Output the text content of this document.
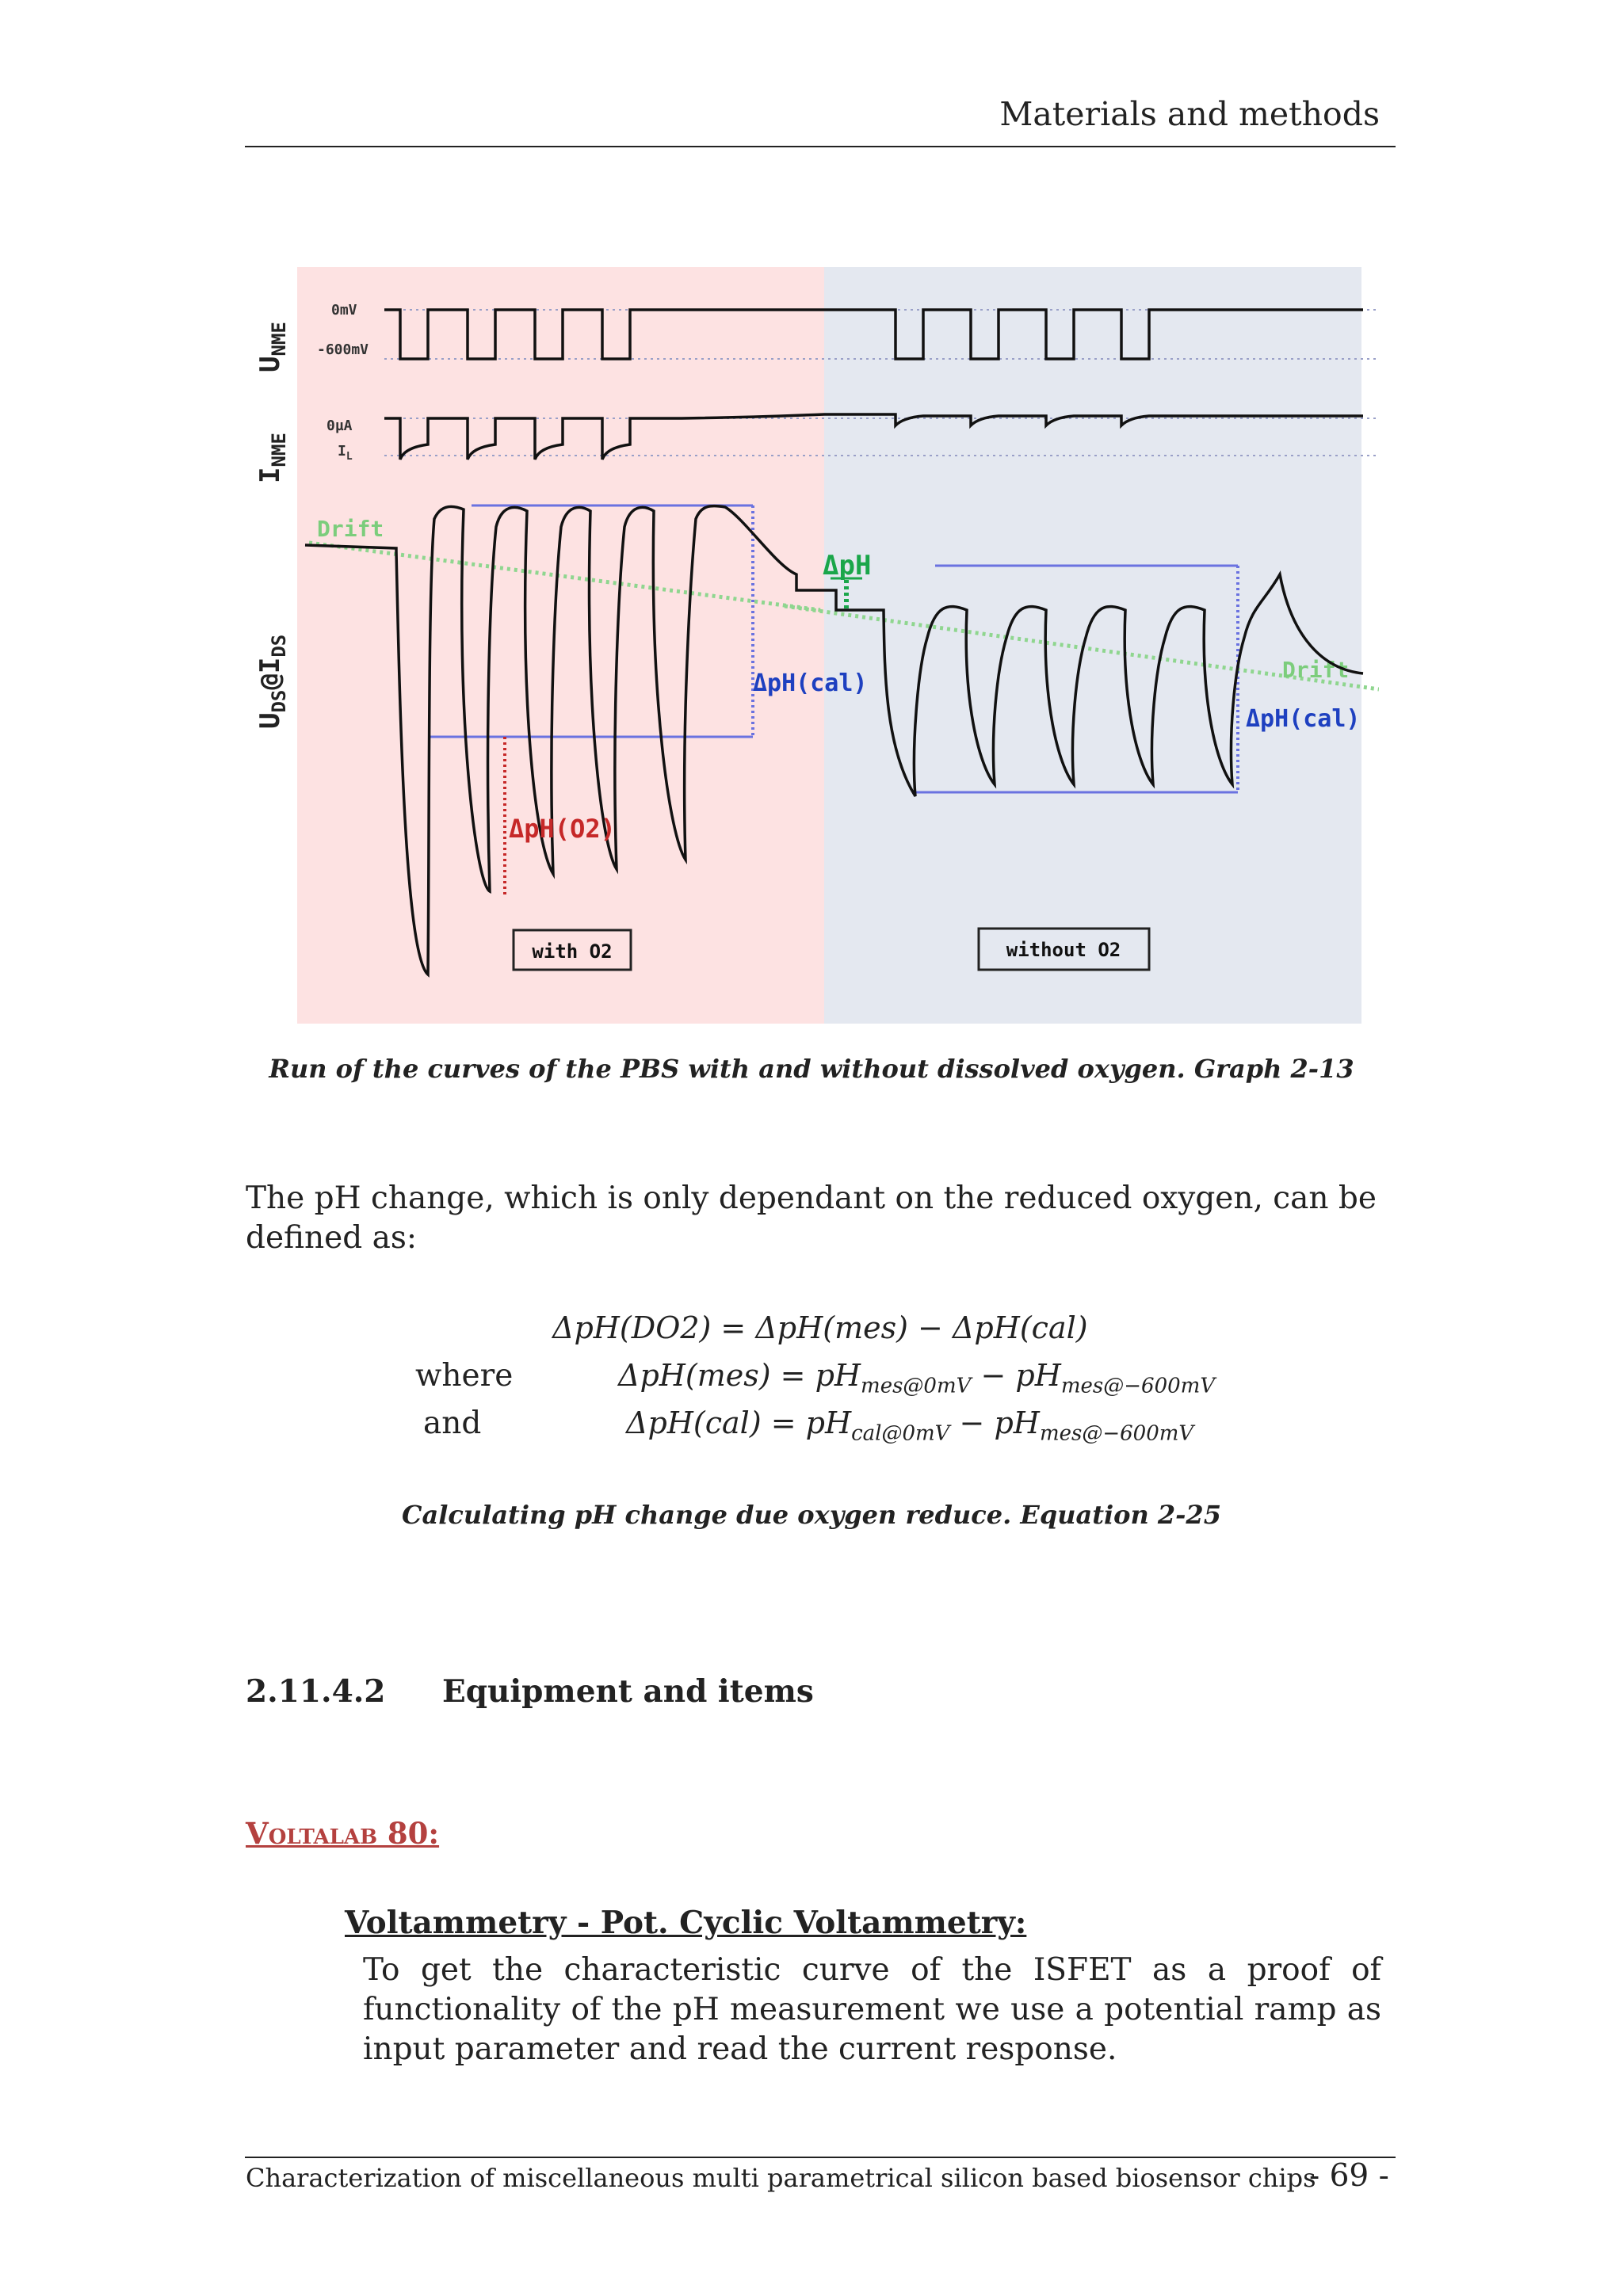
Materials and methods
$U_{NME}$
$I_{NME}$
$U_{DS}@I_{DS}$
0mV
-600mV
0µA
$I_L$
Drift
Drift
ΔpH
ΔpH(cal)
ΔpH(cal)
ΔpH(O2)
with O2	without O2
Run of the curves of the PBS with and without dissolved oxygen. Graph 2-13
The pH change, which is only dependant on the reduced oxygen, can be defined as:
ΔpH(DO2) = ΔpH(mes) − ΔpH(cal)
where	$\Delta pH(mes) = pH_{mes@0mV} - pH_{mes@-600mV}$
and	$\Delta pH(cal) = pH_{cal@0mV} - pH_{mes@-600mV}$
Calculating pH change due oxygen reduce. Equation 2-25
2.11.4.2 Equipment and items
Voltalab 80:
Voltammetry - Pot. Cyclic Voltammetry:
To get the characteristic curve of the ISFET as a proof of functionality of the pH measurement we use a potential ramp as input parameter and read the current response.
Characterization of miscellaneous multi parametrical silicon based biosensor chips
- 69 -
